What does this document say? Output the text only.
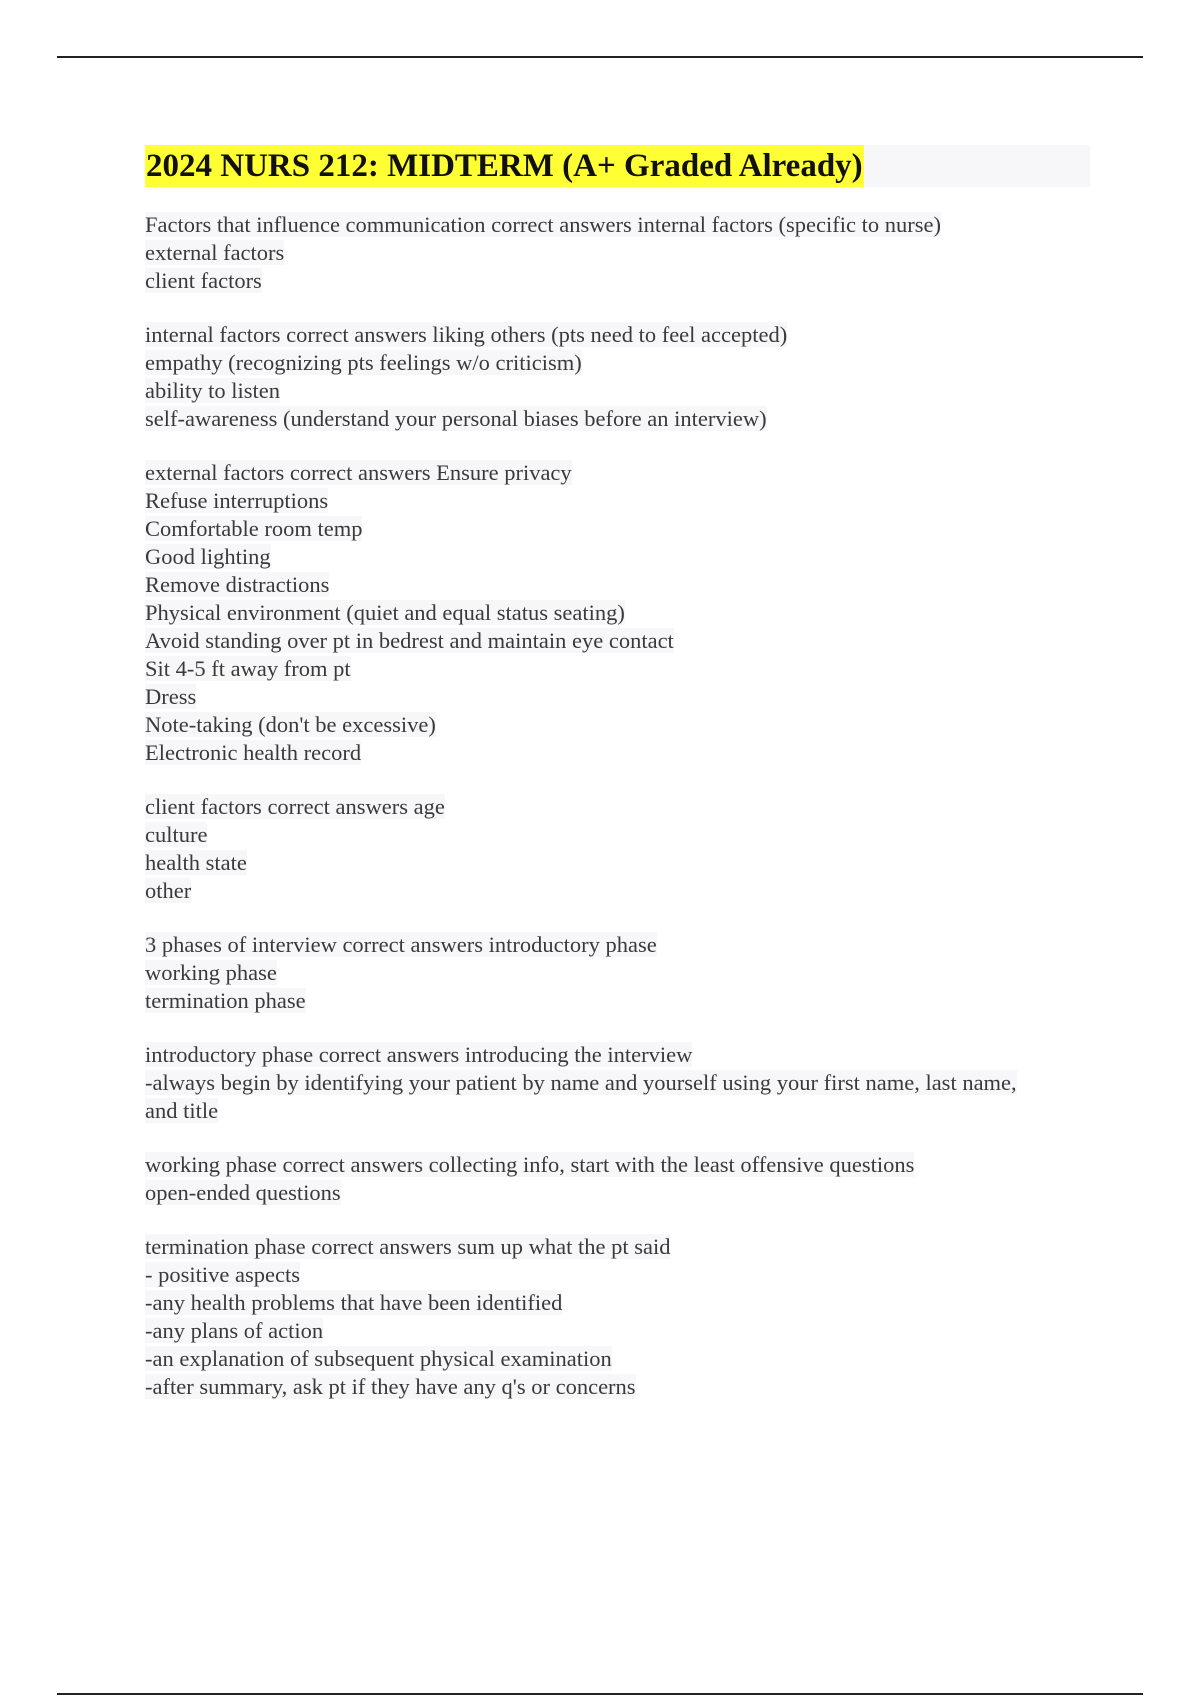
2024 NURS 212: MIDTERM (A+ Graded Already)
Factors that influence communication correct answers internal factors (specific to nurse)
external factors
client factors
internal factors correct answers liking others (pts need to feel accepted)
empathy (recognizing pts feelings w/o criticism)
ability to listen
self-awareness (understand your personal biases before an interview)
external factors correct answers Ensure privacy
Refuse interruptions
Comfortable room temp
Good lighting
Remove distractions
Physical environment (quiet and equal status seating)
Avoid standing over pt in bedrest and maintain eye contact
Sit 4-5 ft away from pt
Dress
Note-taking (don't be excessive)
Electronic health record
client factors correct answers age
culture
health state
other
3 phases of interview correct answers introductory phase
working phase
termination phase
introductory phase correct answers introducing the interview
-always begin by identifying your patient by name and yourself using your first name, last name,
and title
working phase correct answers collecting info, start with the least offensive questions
open-ended questions
termination phase correct answers sum up what the pt said
- positive aspects
-any health problems that have been identified
-any plans of action
-an explanation of subsequent physical examination
-after summary, ask pt if they have any q's or concerns
